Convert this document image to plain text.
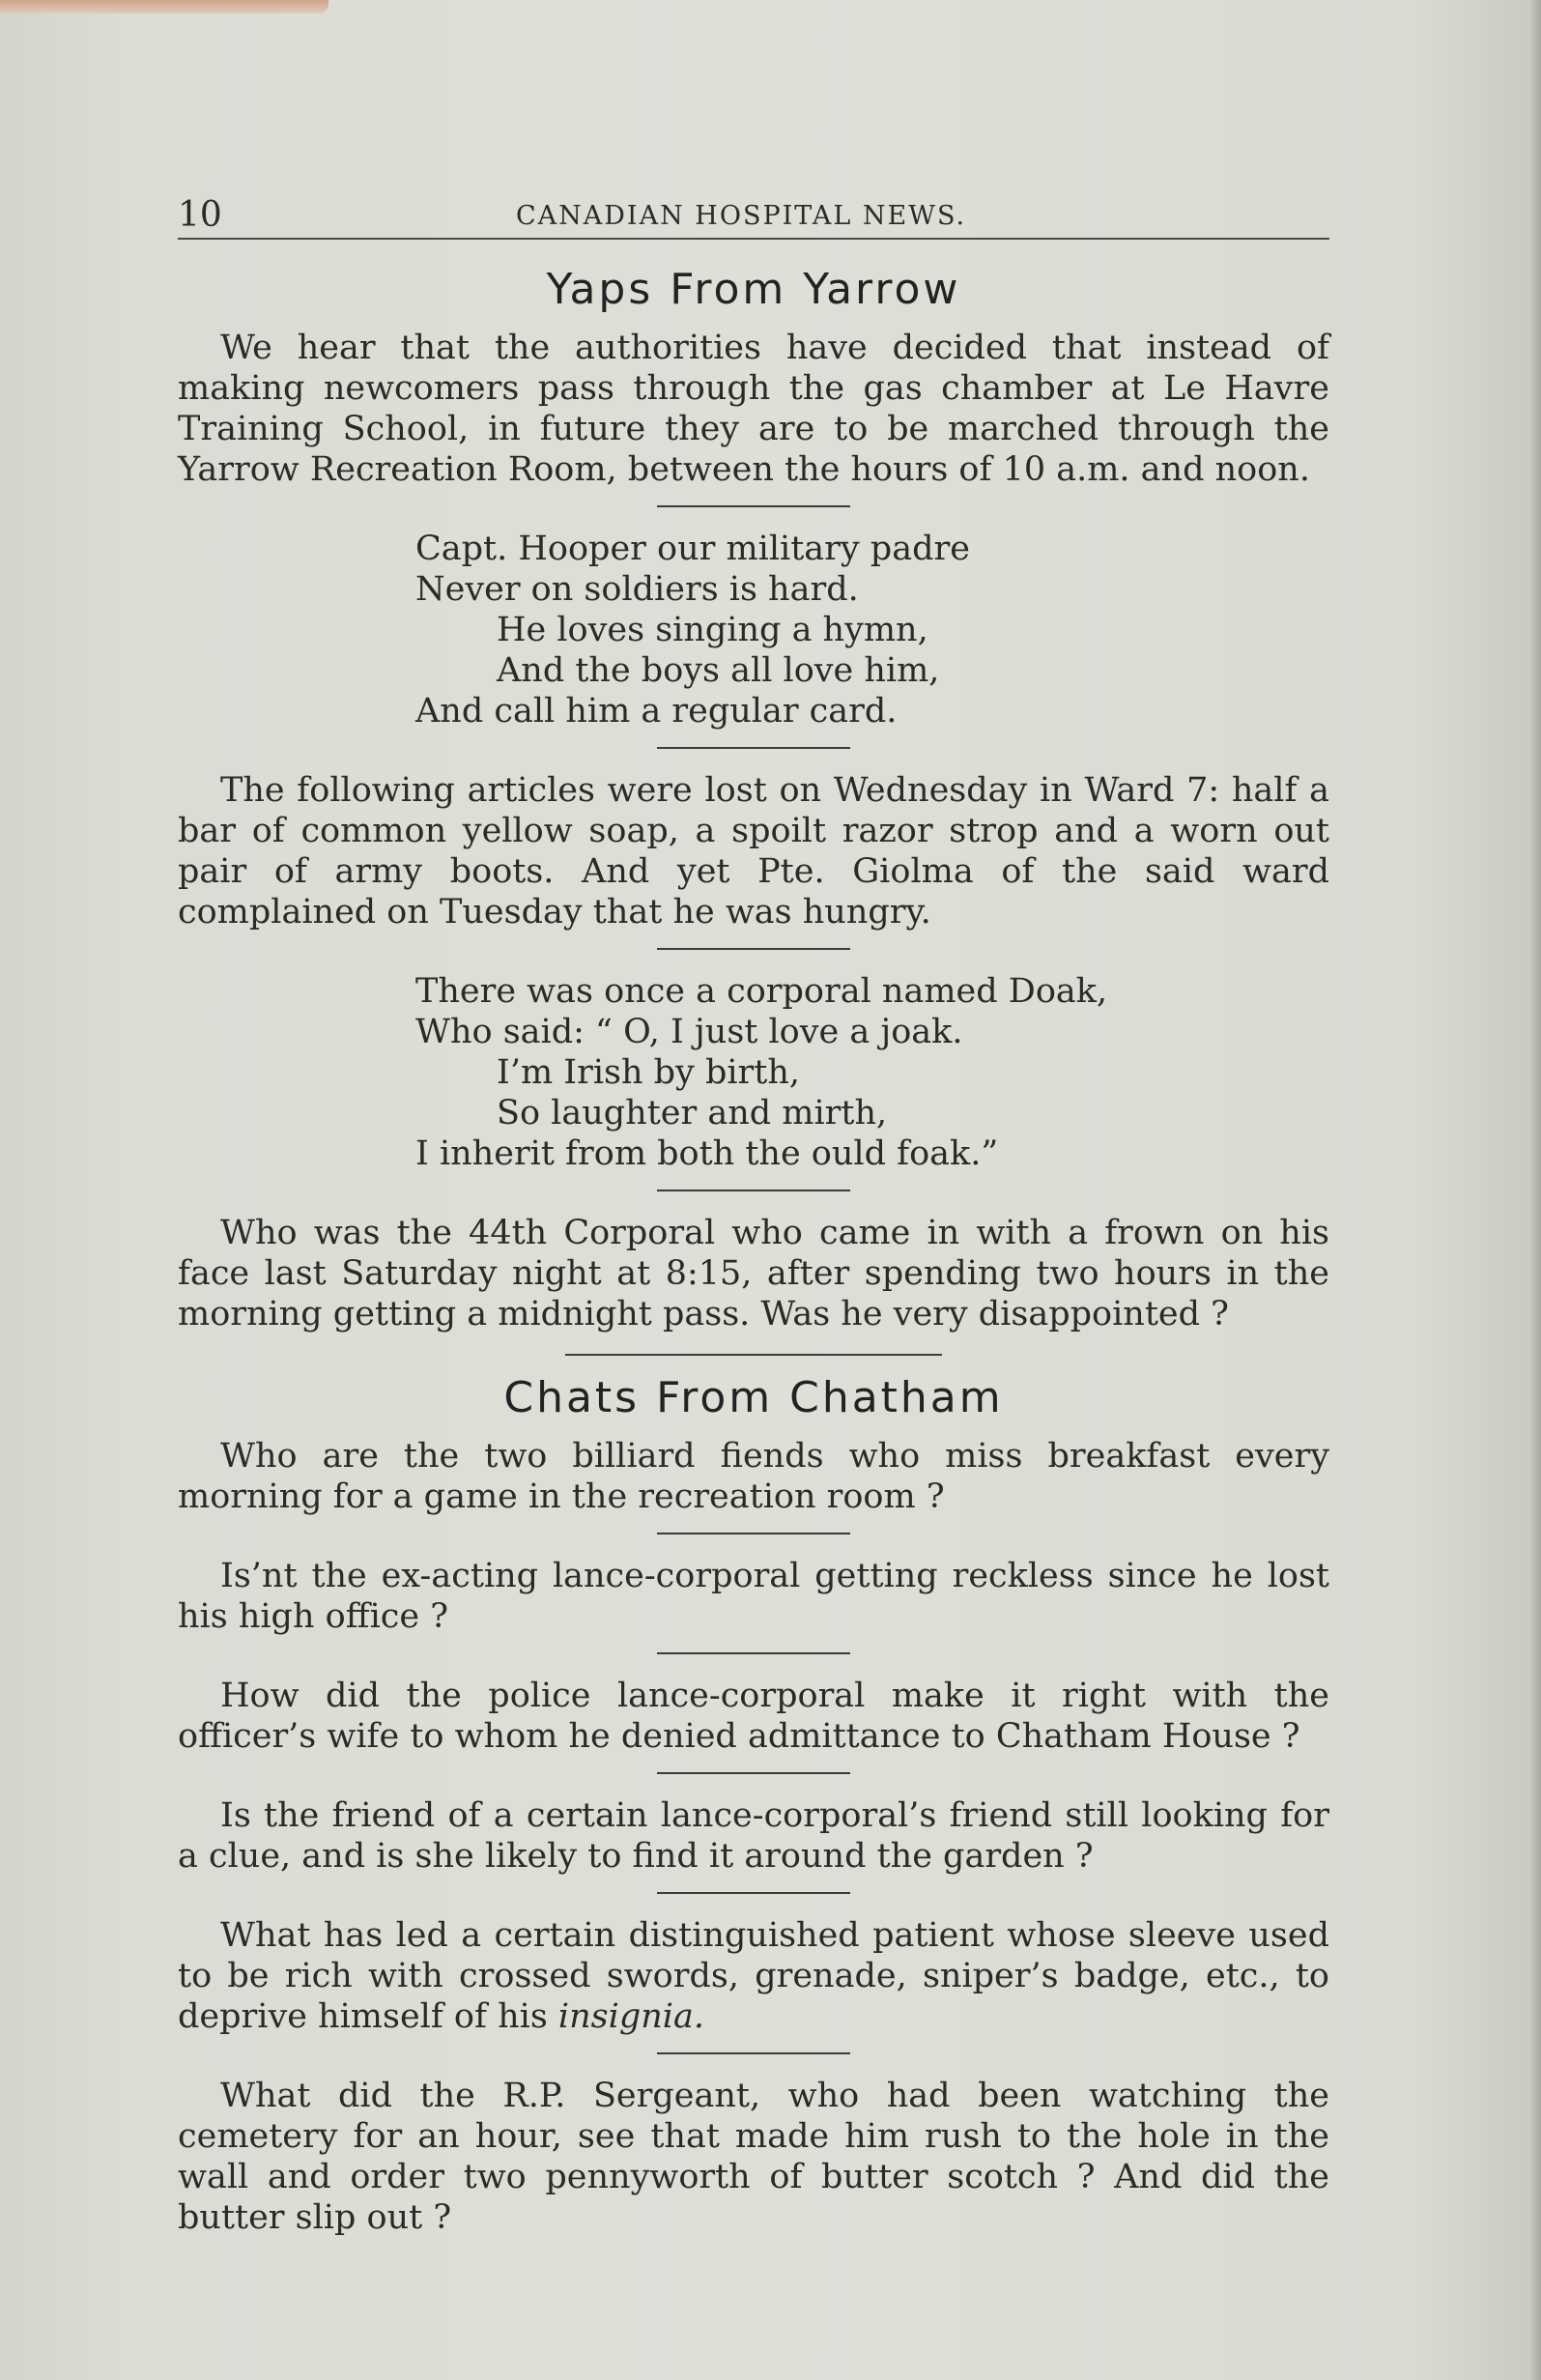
10	CANADIAN HOSPITAL NEWS.
Yaps From Yarrow

We hear that the authorities have decided that instead of making newcomers pass through the gas chamber at Le Havre Training School, in future they are to be marched through the Yarrow Recreation Room, between the hours of 10 a.m. and noon.

Capt. Hooper our military padre
Never on soldiers is hard.
He loves singing a hymn,
And the boys all love him,
And call him a regular card.

The following articles were lost on Wednesday in Ward 7: half a bar of common yellow soap, a spoilt razor strop and a worn out pair of army boots. And yet Pte. Giolma of the said ward complained on Tuesday that he was hungry.

There was once a corporal named Doak,
Who said: “ O, I just love a joak.
I’m Irish by birth,
So laughter and mirth,
I inherit from both the ould foak.”

Who was the 44th Corporal who came in with a frown on his face last Saturday night at 8:15, after spending two hours in the morning getting a midnight pass. Was he very disappointed ?

Chats From Chatham

Who are the two billiard fiends who miss breakfast every morning for a game in the recreation room ?

Is’nt the ex-acting lance-corporal getting reckless since he lost his high office ?

How did the police lance-corporal make it right with the officer’s wife to whom he denied admittance to Chatham House ?

Is the friend of a certain lance-corporal’s friend still looking for a clue, and is she likely to find it around the garden ?

What has led a certain distinguished patient whose sleeve used to be rich with crossed swords, grenade, sniper’s badge, etc., to deprive himself of his insignia.

What did the R.P. Sergeant, who had been watching the cemetery for an hour, see that made him rush to the hole in the wall and order two pennyworth of butter scotch ? And did the butter slip out ?
